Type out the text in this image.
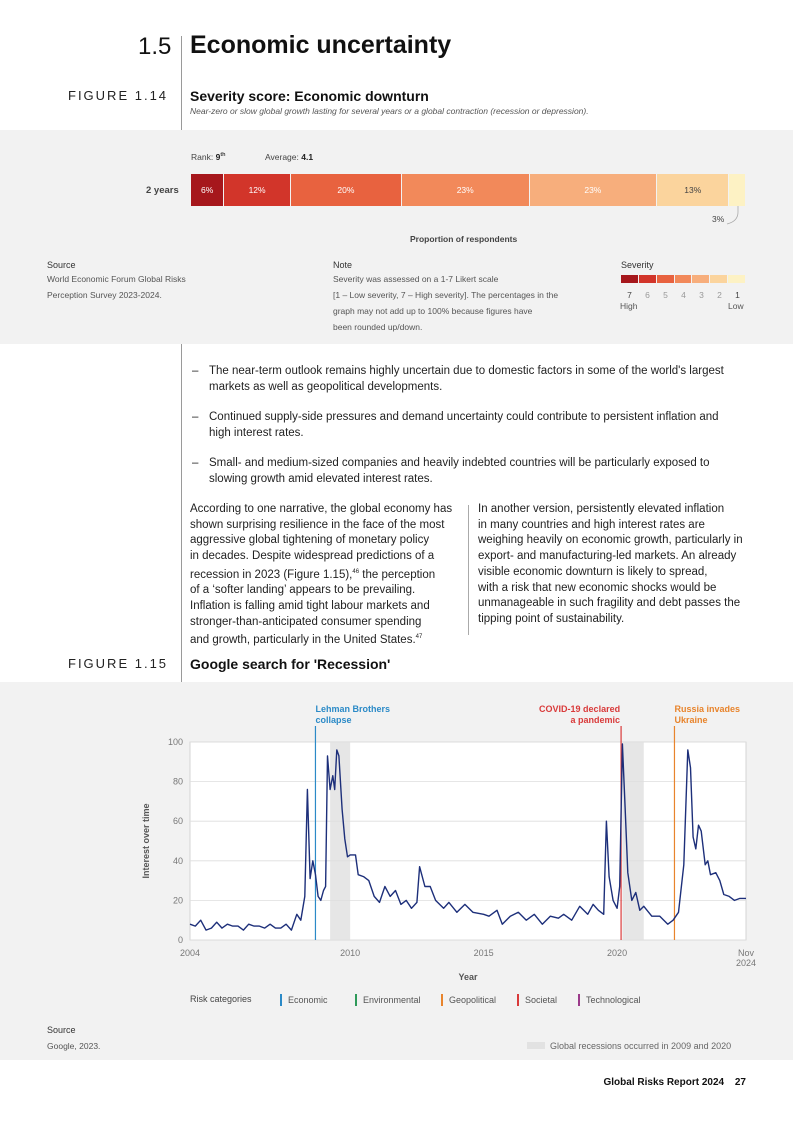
1.5 Economic uncertainty
FIGURE 1.14 Severity score: Economic downturn
Near-zero or slow global growth lasting for several years or a global contraction (recession or depression).
Rank: 9th	Average: 4.1
2 years	6%	12%	20%	23%	23%	13%
3%
Proportion of respondents
Source
World Economic Forum Global Risks
Perception Survey 2023-2024.
Note
Severity was assessed on a 1-7 Likert scale
[1 – Low severity, 7 – High severity]. The percentages in the
graph may not add up to 100% because figures have
been rounded up/down.
Severity
7	6	5	4	3	2	1
High	Low
– The near-term outlook remains highly uncertain due to domestic factors in some of the world's largest markets as well as geopolitical developments.
– Continued supply-side pressures and demand uncertainty could contribute to persistent inflation and high interest rates.
– Small- and medium-sized companies and heavily indebted countries will be particularly exposed to slowing growth amid elevated interest rates.
According to one narrative, the global economy has
shown surprising resilience in the face of the most
aggressive global tightening of monetary policy
in decades. Despite widespread predictions of a
recession in 2023 (Figure 1.15),$^{46}$ the perception
of a ‘softer landing’ appears to be prevailing.
Inflation is falling amid tight labour markets and
stronger-than-anticipated consumer spending
and growth, particularly in the United States.$^{47}$
In another version, persistently elevated inflation
in many countries and high interest rates are
weighing heavily on economic growth, particularly in
export- and manufacturing-led markets. An already
visible economic downturn is likely to spread,
with a risk that new economic shocks would be
unmanageable in such fragility and debt passes the
tipping point of sustainability.
FIGURE 1.15 Google search for 'Recession'
0
20
40
60
80
100
2004	2010	2015	2020	Nov
2024
Year
Interest over time
Lehman Brothers
collapse
COVID-19 declared
a pandemic
Russia invades
Ukraine
Risk categories	Economic	Environmental	Geopolitical	Societal	Technological
Source
Google, 2023.	Global recessions occurred in 2009 and 2020
Global Risks Report 2024 27
